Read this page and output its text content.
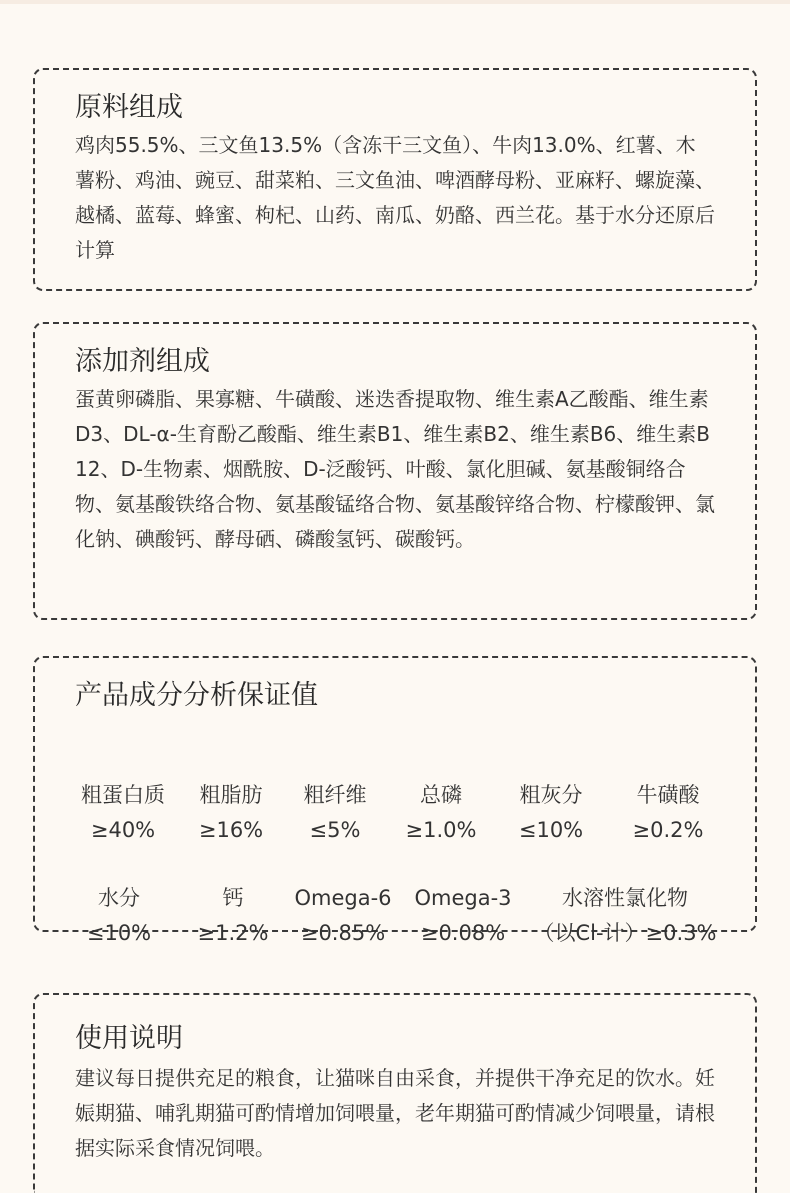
原料组成

鸡肉55.5%、三文鱼13.5%（含冻干三文鱼）、牛肉13.0%、红薯、木薯粉、鸡油、豌豆、甜菜粕、三文鱼油、啤酒酵母粉、亚麻籽、螺旋藻、越橘、蓝莓、蜂蜜、枸杞、山药、南瓜、奶酪、西兰花。基于水分还原后计算

添加剂组成

蛋黄卵磷脂、果寡糖、牛磺酸、迷迭香提取物、维生素A乙酸酯、维生素D3、DL-α-生育酚乙酸酯、维生素B1、维生素B2、维生素B6、维生素B12、D-生物素、烟酰胺、D-泛酸钙、叶酸、氯化胆碱、氨基酸铜络合物、氨基酸铁络合物、氨基酸锰络合物、氨基酸锌络合物、柠檬酸钾、氯化钠、碘酸钙、酵母硒、磷酸氢钙、碳酸钙。

产品成分分析保证值
粗蛋白质
≥40%
粗脂肪
≥16%
粗纤维
≤5%
总磷
≥1.0%
粗灰分
≤10%
牛磺酸
≥0.2%
水分
≤10%
钙
≥1.2%
Omega-6
≥0.85%
Omega-3
≥0.08%
水溶性氯化物
（以Cl-计）≥0.3%
使用说明

建议每日提供充足的粮食，让猫咪自由采食，并提供干净充足的饮水。妊娠期猫、哺乳期猫可酌情增加饲喂量，老年期猫可酌情减少饲喂量，请根据实际采食情况饲喂。
